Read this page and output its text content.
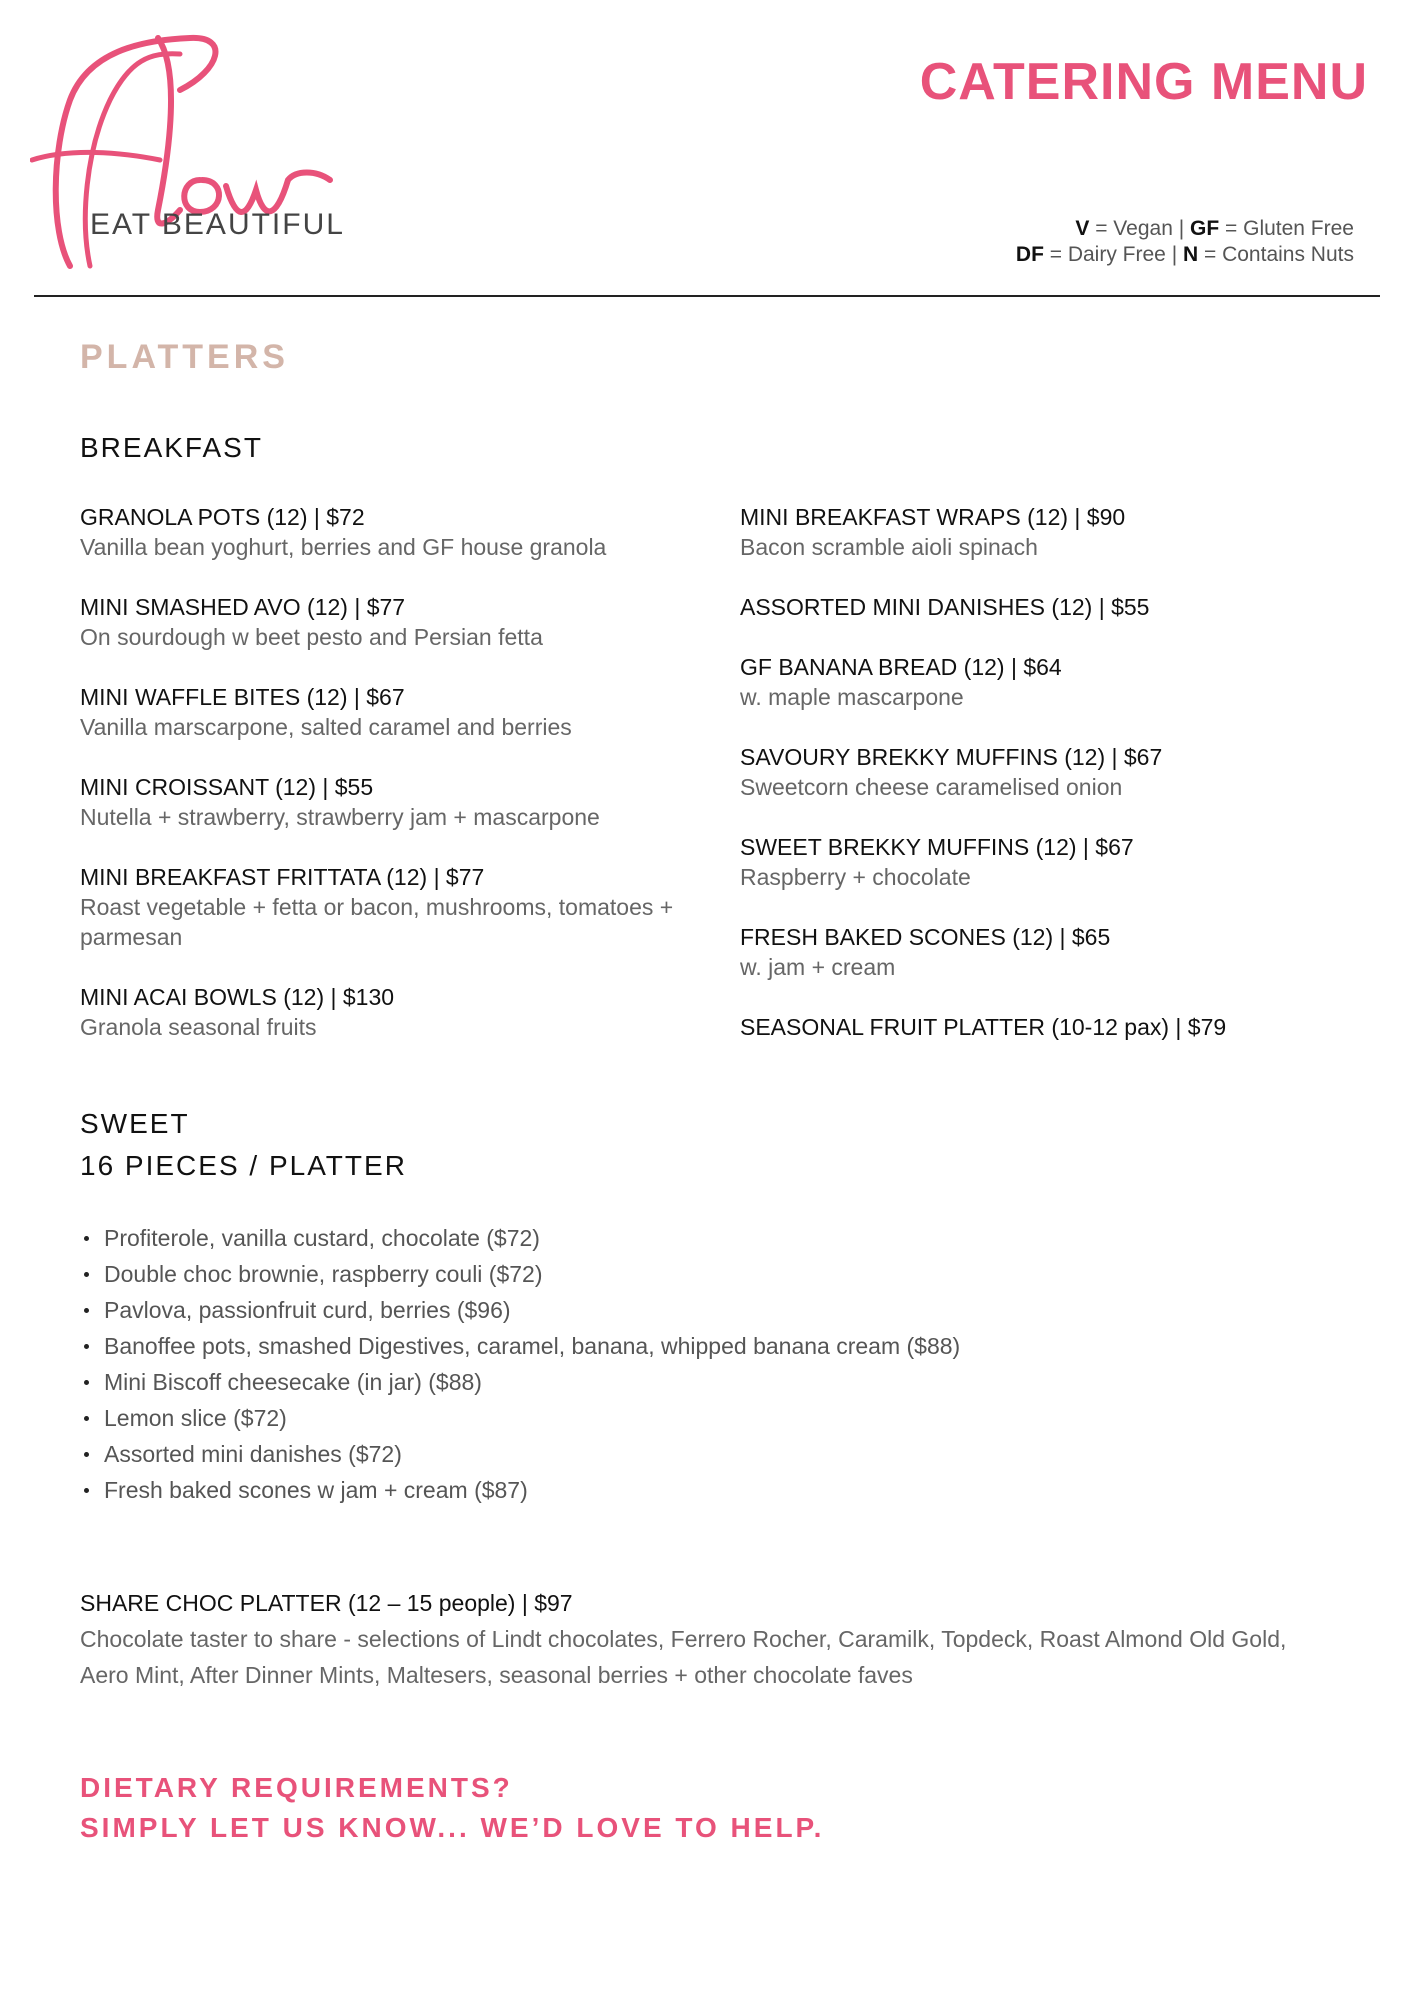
EAT BEAUTIFUL
CATERING MENU
V = Vegan | GF = Gluten Free
DF = Dairy Free | N = Contains Nuts
PLATTERS
BREAKFAST
GRANOLA POTS (12) | $72
Vanilla bean yoghurt, berries and GF house granola
MINI SMASHED AVO (12) | $77
On sourdough w beet pesto and Persian fetta
MINI WAFFLE BITES (12) | $67
Vanilla marscarpone, salted caramel and berries
MINI CROISSANT (12) | $55
Nutella + strawberry, strawberry jam + mascarpone
MINI BREAKFAST FRITTATA (12) | $77
Roast vegetable + fetta or bacon, mushrooms, tomatoes + parmesan
MINI ACAI BOWLS (12) | $130
Granola seasonal fruits
MINI BREAKFAST WRAPS (12) | $90
Bacon scramble aioli spinach
ASSORTED MINI DANISHES (12) | $55
GF BANANA BREAD (12) | $64
w. maple mascarpone
SAVOURY BREKKY MUFFINS (12) | $67
Sweetcorn cheese caramelised onion
SWEET BREKKY MUFFINS (12) | $67
Raspberry + chocolate
FRESH BAKED SCONES (12) | $65
w. jam + cream
SEASONAL FRUIT PLATTER (10-12 pax) | $79
SWEET
16 PIECES / PLATTER
Profiterole, vanilla custard, chocolate ($72)
Double choc brownie, raspberry couli ($72)
Pavlova, passionfruit curd, berries ($96)
Banoffee pots, smashed Digestives, caramel, banana, whipped banana cream ($88)
Mini Biscoff cheesecake (in jar) ($88)
Lemon slice ($72)
Assorted mini danishes ($72)
Fresh baked scones w jam + cream ($87)
SHARE CHOC PLATTER (12 – 15 people) | $97
Chocolate taster to share - selections of Lindt chocolates, Ferrero Rocher, Caramilk, Topdeck, Roast Almond Old Gold, Aero Mint, After Dinner Mints, Maltesers, seasonal berries + other chocolate faves
DIETARY REQUIREMENTS?
SIMPLY LET US KNOW... WE’D LOVE TO HELP.
